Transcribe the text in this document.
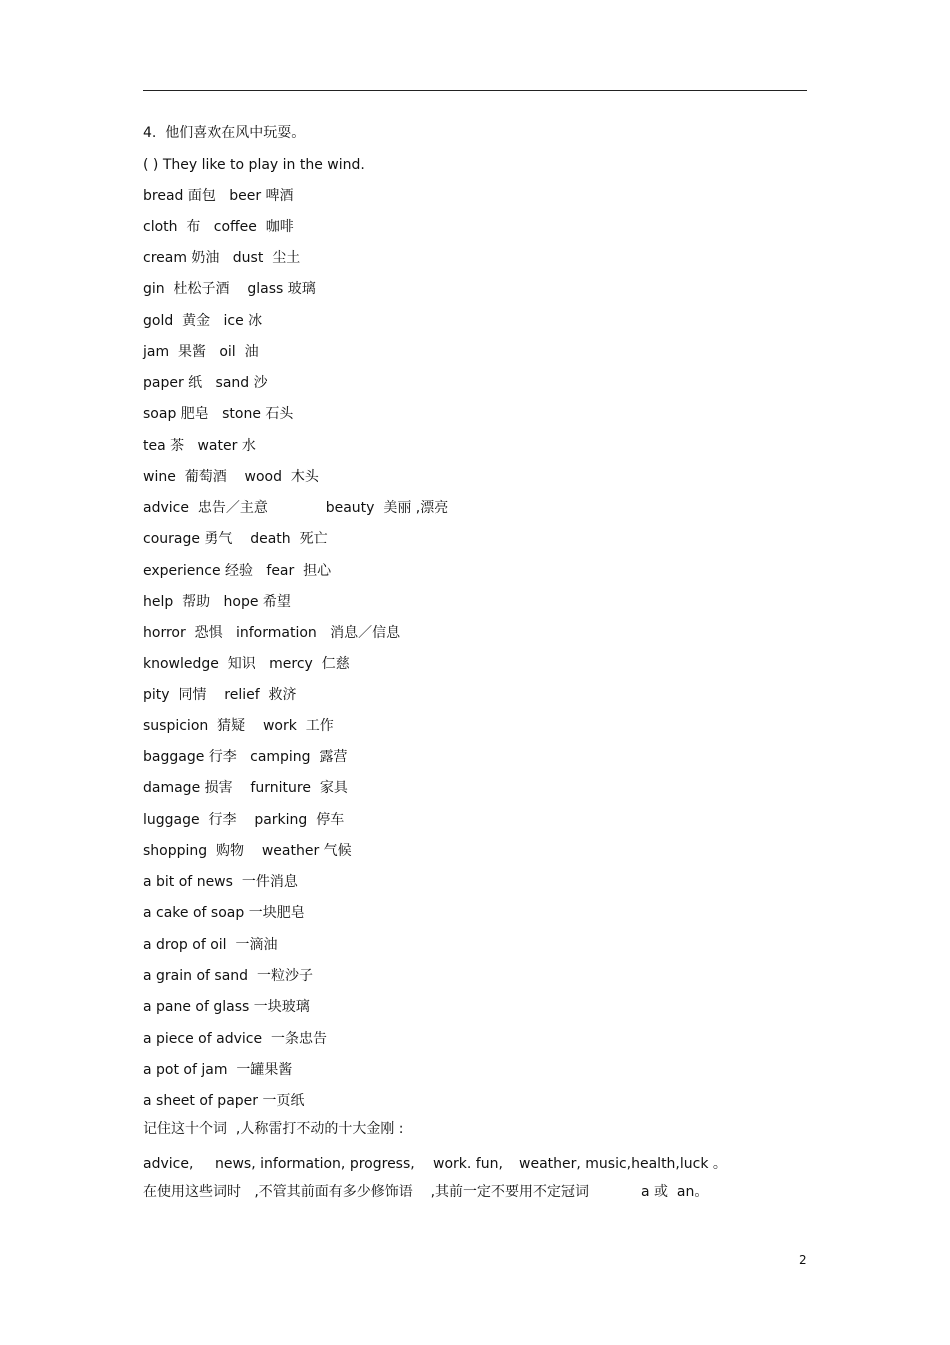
4.  他们喜欢在风中玩耍。
( ) They like to play in the wind.
bread 面包   beer 啤酒
cloth  布   coffee  咖啡
cream 奶油   dust  尘土
gin  杜松子酒    glass 玻璃
gold  黄金   ice 冰
jam  果酱   oil  油
paper 纸   sand 沙
soap 肥皂   stone 石头
tea 茶   water 水
wine  葡萄酒    wood  木头
advice  忠告／主意             beauty  美丽 ,漂亮
courage 勇气    death  死亡
experience 经验   fear  担心
help  帮助   hope 希望
horror  恐惧   information   消息／信息
knowledge  知识   mercy  仁慈
pity  同情    relief  救济
suspicion  猜疑    work  工作
baggage 行李   camping  露营
damage 损害    furniture  家具
luggage  行李    parking  停车
shopping  购物    weather 气候
a bit of news  一件消息
a cake of soap 一块肥皂
a drop of oil  一滴油
a grain of sand  一粒沙子
a pane of glass 一块玻璃
a piece of advice  一条忠告
a pot of jam  一罐果酱
a sheet of paper 一页纸
记住这十个词  ,人称雷打不动的十大金刚 :

advice,

news, information, progress,

work. fun,

weather, music,health,luck 。

在使用这些词时   ,不管其前面有多少修饰语    ,其前一定不要用不定冠词

	a 或  an。

2
